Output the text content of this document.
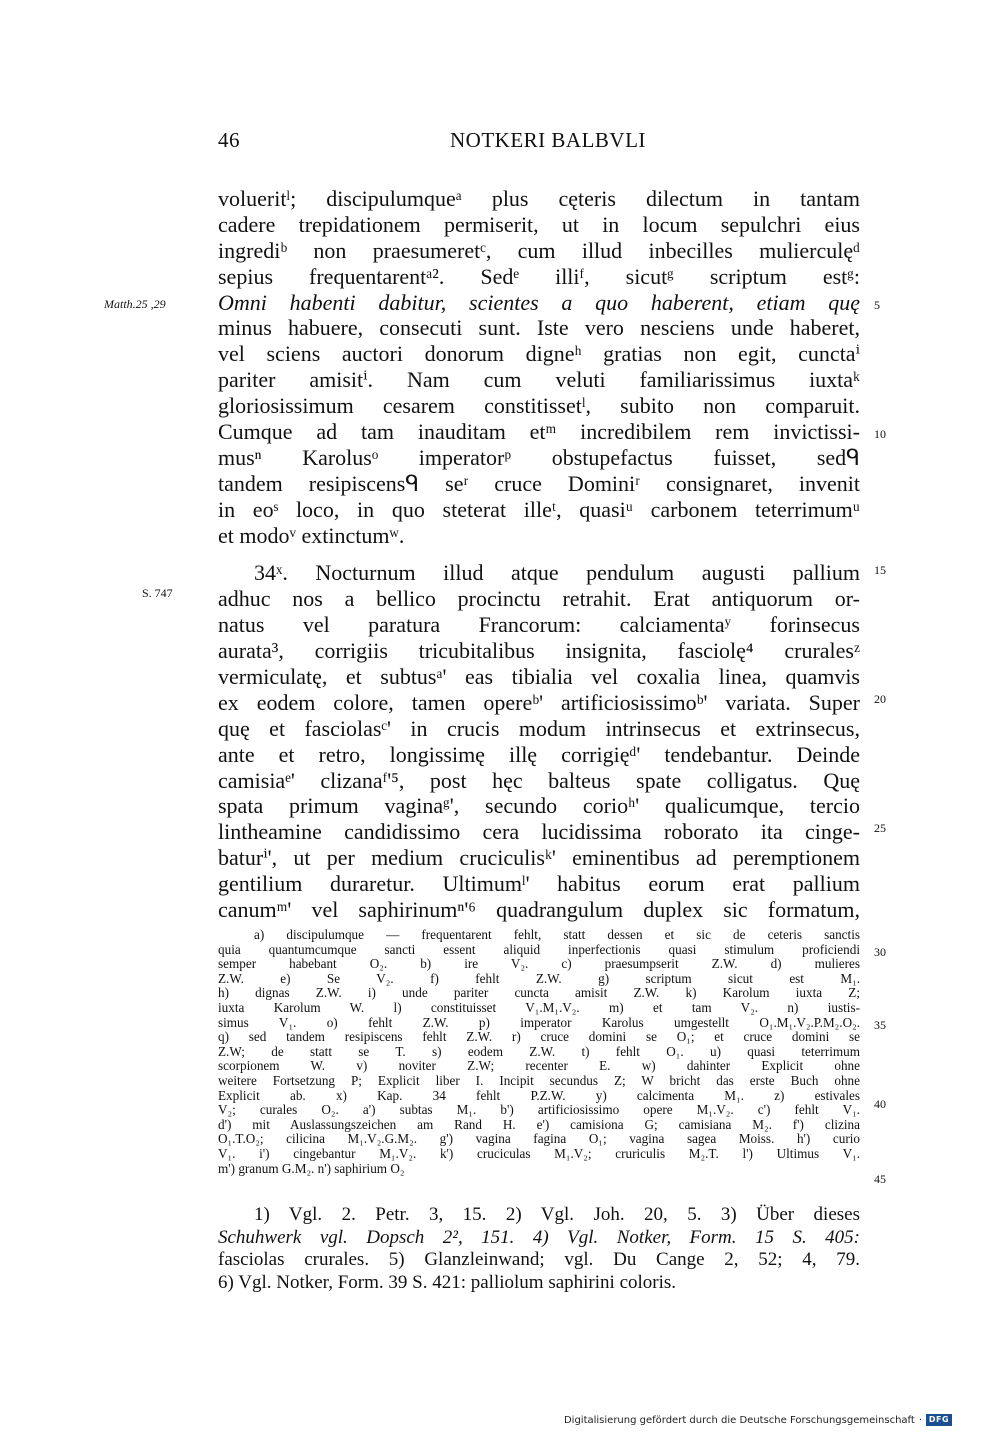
46	NOTKERI BALBVLI
Matth.25 ,29
S. 747
5
10
15
20
25
30
35
40
45
volueritˡ; discipulumqueᵃ plus cęteris dilectum in tantam
cadere trepidationem permiserit, ut in locum sepulchri eius
ingrediᵇ non praesumeretᶜ, cum illud inbecilles mulierculęᵈ
sepius frequentarentᵃ². Sedᵉ illiᶠ, sicutᵍ scriptum estᵍ:
Omni habenti dabitur, scientes a quo haberent, etiam quę
minus habuere, consecuti sunt. Iste vero nesciens unde haberet,
vel sciens auctori donorum digneʰ gratias non egit, cunctaⁱ
pariter amisitⁱ. Nam cum veluti familiarissimus iuxtaᵏ
gloriosissimum cesarem constitissetˡ, subito non comparuit.
Cumque ad tam inauditam etᵐ incredibilem rem invictissi-
musⁿ Karolusᵒ imperatorᵖ obstupefactus fuisset, sedᑫ
tandem resipiscensᑫ seʳ cruce Dominiʳ consignaret, invenit
in eoˢ loco, in quo steterat illeᵗ, quasiᵘ carbonem teterrimumᵘ
et modoᵛ extinctumʷ.
34ˣ. Nocturnum illud atque pendulum augusti pallium
adhuc nos a bellico procinctu retrahit. Erat antiquorum or-
natus vel paratura Francorum: calciamentaʸ forinsecus
aurata³, corrigiis tricubitalibus insignita, fasciolę⁴ cruralesᶻ
vermiculatę, et subtusᵃ' eas tibialia vel coxalia linea, quamvis
ex eodem colore, tamen opereᵇ' artificiosissimoᵇ' variata. Super
quę et fasciolasᶜ' in crucis modum intrinsecus et extrinsecus,
ante et retro, longissimę illę corrigięᵈ' tendebantur. Deinde
camisiaᵉ' clizanaᶠ'⁵, post hęc balteus spate colligatus. Quę
spata primum vaginaᵍ', secundo corioʰ' qualicumque, tercio
lintheamine candidissimo cera lucidissima roborato ita cinge-
baturⁱ', ut per medium cruciculisᵏ' eminentibus ad peremptionem
gentilium duraretur. Ultimumˡ' habitus eorum erat pallium
canumᵐ' vel saphirinumⁿ'⁶ quadrangulum duplex sic formatum,
a) discipulumque — frequentarent fehlt, statt dessen et sic de ceteris sanctis
quia quantumcumque sancti essent aliquid inperfectionis quasi stimulum proficiendi
semper habebant O₂. b) ire V₂. c) praesumpserit Z.W. d) mulieres
Z.W. e) Se V₂. f) fehlt Z.W. g) scriptum sicut est M₁.
h) dignas Z.W. i) unde pariter cuncta amisit Z.W. k) Karolum iuxta Z;
iuxta Karolum W. l) constituisset V₁.M₁.V₂. m) et tam V₂. n) iustis-
simus V₁. o) fehlt Z.W. p) imperator Karolus umgestellt O₁.M₁.V₂.P.M₂.O₂.
q) sed tandem resipiscens fehlt Z.W. r) cruce domini se O₁; et cruce domini se
Z.W; de statt se T. s) eodem Z.W. t) fehlt O₁. u) quasi teterrimum
scorpionem W. v) noviter Z.W; recenter E. w) dahinter Explicit ohne
weitere Fortsetzung P; Explicit liber I. Incipit secundus Z; W bricht das erste Buch ohne
Explicit ab. x) Kap. 34 fehlt P.Z.W. y) calcimenta M₁. z) estivales
V₂; curales O₂. a') subtas M₁. b') artificiosissimo opere M₁.V₂. c') fehlt V₁.
d') mit Auslassungszeichen am Rand H. e') camisiona G; camisiana M₂. f') clizina
O₁.T.O₂; cilicina M₁.V₂.G.M₂. g') vagina fagina O₁; vagina sagea Moiss. h') curio
V₁. i') cingebantur M₁.V₂. k') cruciculas M₁.V₂; cruriculis M₂.T. l') Ultimus V₁.
m') granum G.M₂. n') saphirium O₂
1) Vgl. 2. Petr. 3, 15. 2) Vgl. Joh. 20, 5. 3) Über dieses
Schuhwerk vgl. Dopsch 2², 151. 4) Vgl. Notker, Form. 15 S. 405:
fasciolas crurales. 5) Glanzleinwand; vgl. Du Cange 2, 52; 4, 79.
6) Vgl. Notker, Form. 39 S. 421: palliolum saphirini coloris.
Digitalisierung gefördert durch die Deutsche Forschungsgemeinschaft · DFG
